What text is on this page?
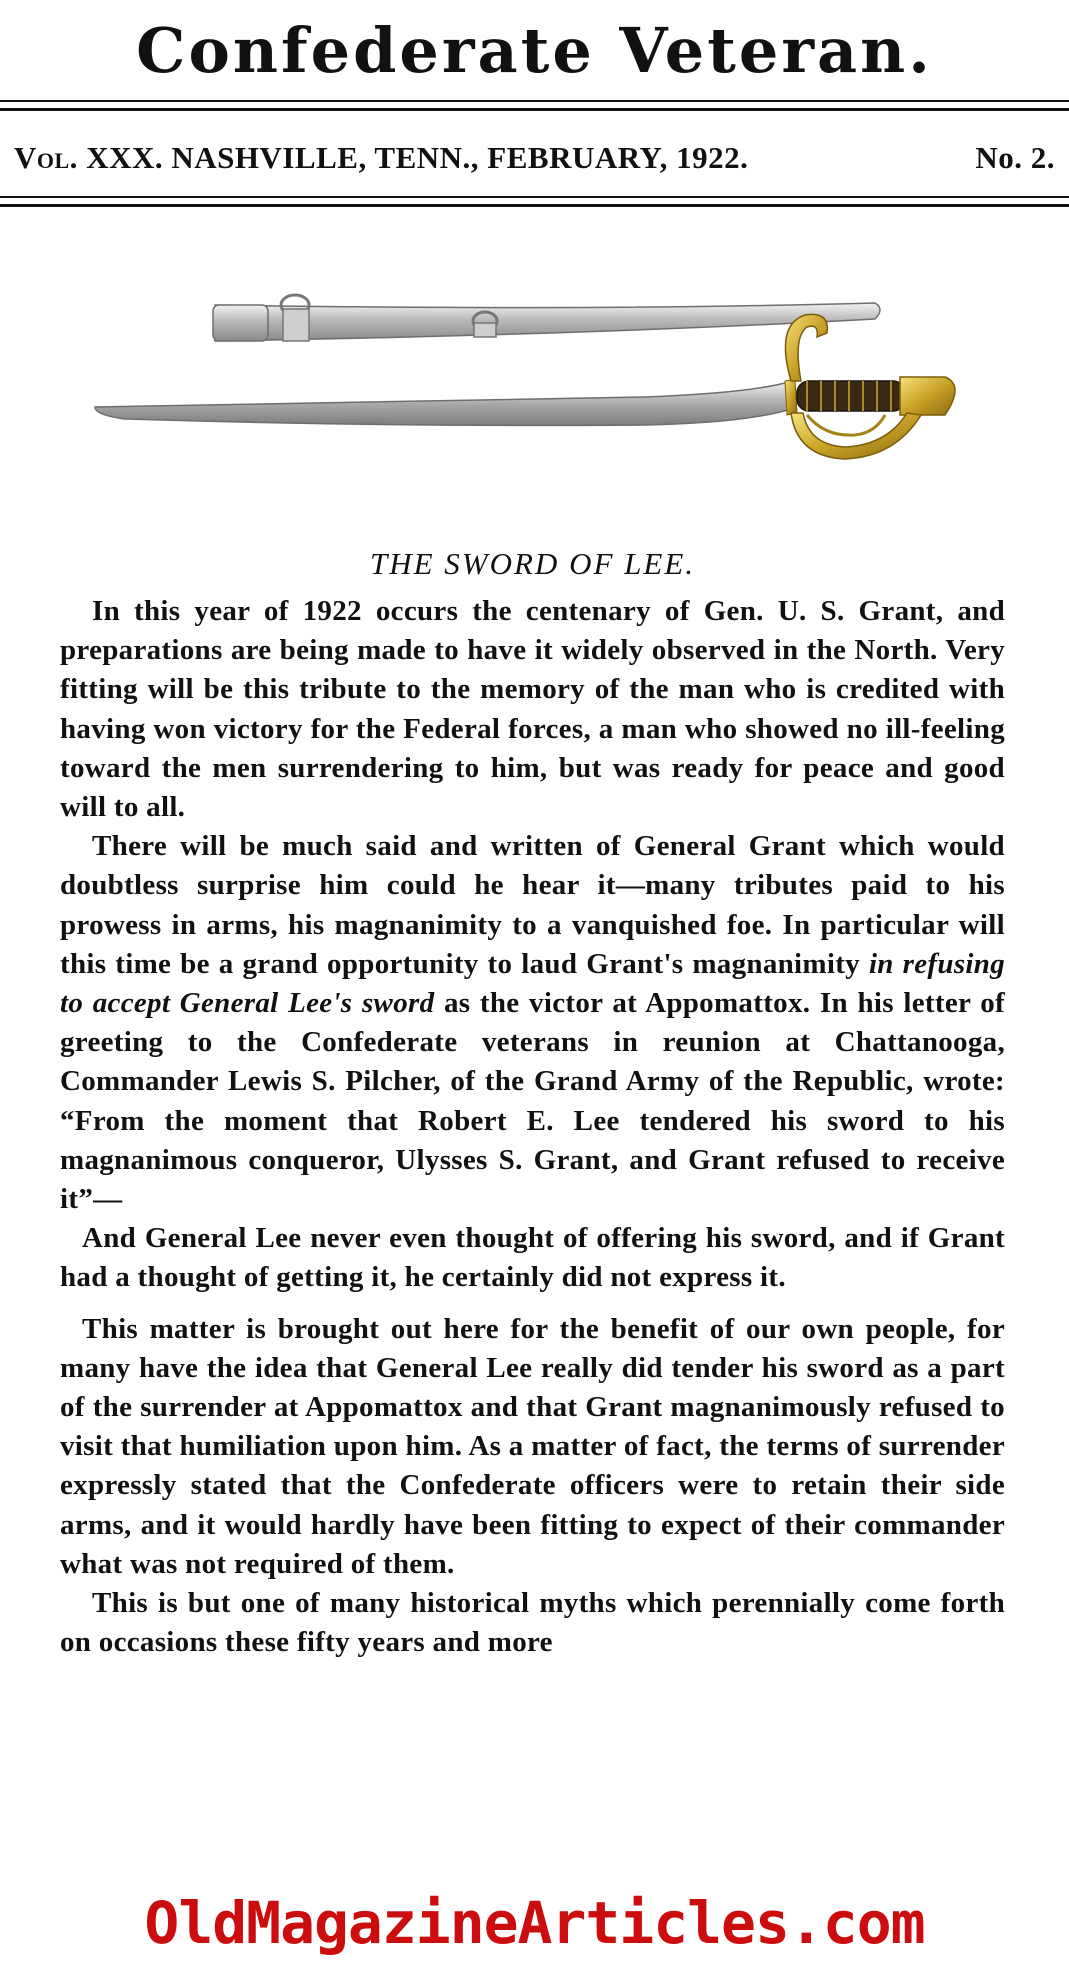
Confederate Veteran.
Vol. XXX. NASHVILLE, TENN., FEBRUARY, 1922.	No. 2.
THE SWORD OF LEE.

In this year of 1922 occurs the centenary of Gen. U. S. Grant, and preparations are being made to have it widely observed in the North. Very fitting will be this tribute to the memory of the man who is credited with having won victory for the Federal forces, a man who showed no ill-feeling toward the men surrendering to him, but was ready for peace and good will to all.

There will be much said and written of General Grant which would doubtless surprise him could he hear it—many tributes paid to his prowess in arms, his magnanimity to a vanquished foe. In particular will this time be a grand opportunity to laud Grant's magnanimity in refusing to accept General Lee's sword as the victor at Appomattox. In his letter of greeting to the Confederate veterans in reunion at Chattanooga, Commander Lewis S. Pilcher, of the Grand Army of the Republic, wrote: “From the moment that Robert E. Lee tendered his sword to his magnanimous conqueror, Ulysses S. Grant, and Grant refused to receive it”—

And General Lee never even thought of offering his sword, and if Grant had a thought of getting it, he certainly did not express it.

This matter is brought out here for the benefit of our own people, for many have the idea that General Lee really did tender his sword as a part of the surrender at Appomattox and that Grant magnanimously refused to visit that humiliation upon him. As a matter of fact, the terms of surrender expressly stated that the Confederate officers were to retain their side arms, and it would hardly have been fitting to expect of their commander what was not required of them.

This is but one of many historical myths which perennially come forth on occasions these fifty years and more

OldMagazineArticles.com
